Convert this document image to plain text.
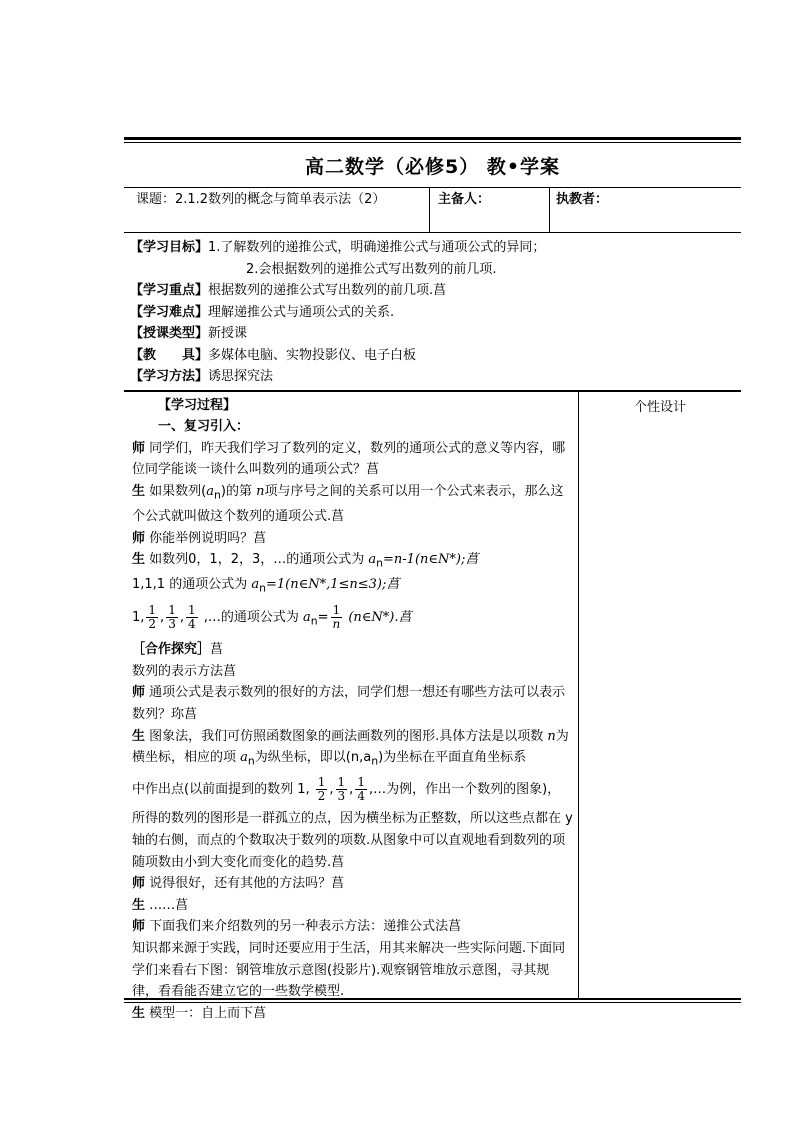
高二数学（必修5） 教•学案
课题：2.1.2数列的概念与简单表示法（2）	主备人：	执教者：
【学习目标】1.了解数列的递推公式，明确递推公式与通项公式的异同；
2.会根据数列的递推公式写出数列的前几项.
【学习重点】根据数列的递推公式写出数列的前几项.菖
【学习难点】理解递推公式与通项公式的关系.
【授课类型】新授课
【教　　具】多媒体电脑、实物投影仪、电子白板
【学习方法】诱思探究法

【学习过程】

一、复习引入：

师 同学们，昨天我们学习了数列的定义，数列的通项公式的意义等内容，哪位同学能谈一谈什么叫数列的通项公式？菖

生 如果数列$(a_n)$的第 n项与序号之间的关系可以用一个公式来表示，那么这个公式就叫做这个数列的通项公式.菖

师 你能举例说明吗？菖

生 如数列0，1，2，3，…的通项公式为 $a_n=n-1(n\in N*)$;菖

1,1,1 的通项公式为 $a_n=1(n\in N*,1\le n\le 3)$;菖

1, $\frac{1}{2}$ , $\frac{1}{3}$ , $\frac{1}{4}$ ,…的通项公式为 $a_n= \frac{1}{n}$ (n∈N*).菖

［合作探究］菖

数列的表示方法菖

师 通项公式是表示数列的很好的方法，同学们想一想还有哪些方法可以表示数列？珎菖

生 图象法，我们可仿照函数图象的画法画数列的图形.具体方法是以项数 n为横坐标，相应的项 $a_n$为纵坐标，即以$(n,a_n)$为坐标在平面直角坐标系

中作出点(以前面提到的数列 1, $\frac{1}{2}$ , $\frac{1}{3}$ , $\frac{1}{4}$ ,…为例，作出一个数列的图象)，

所得的数列的图形是一群孤立的点，因为横坐标为正整数，所以这些点都在 y 轴的右侧，而点的个数取决于数列的项数.从图象中可以直观地看到数列的项随项数由小到大变化而变化的趋势.菖

师 说得很好，还有其他的方法吗？菖

生 ……菖

师 下面我们来介绍数列的另一种表示方法：递推公式法菖

知识都来源于实践，同时还要应用于生活，用其来解决一些实际问题.下面同学们来看右下图：钢管堆放示意图(投影片).观察钢管堆放示意图，寻其规律，看看能否建立它的一些数学模型.

生 模型一：自上而下菖

个性设计
